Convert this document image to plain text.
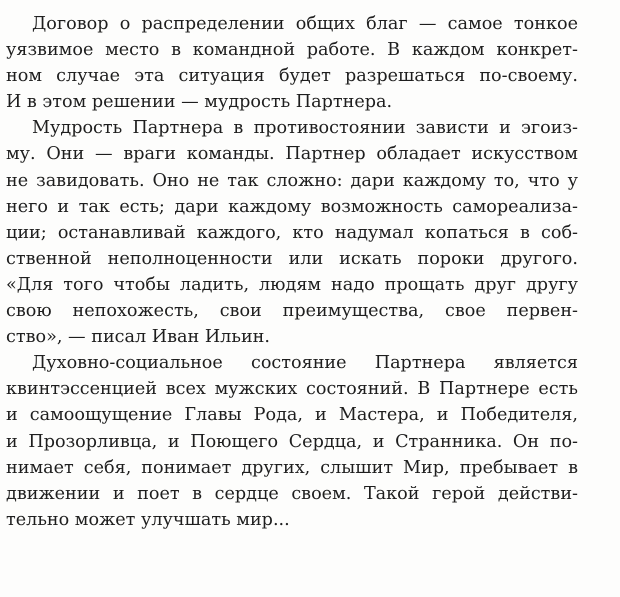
Договор о распределении общих благ — самое тонкое
уязвимое место в командной работе. В каждом конкрет-
ном случае эта ситуация будет разрешаться по-своему.
И в этом решении — мудрость Партнера.

Мудрость Партнера в противостоянии зависти и эгоиз-
му. Они — враги команды. Партнер обладает искусством
не завидовать. Оно не так сложно: дари каждому то, что у
него и так есть; дари каждому возможность самореализа-
ции; останавливай каждого, кто надумал копаться в соб-
ственной неполноценности или искать пороки другого.
«Для того чтобы ладить, людям надо прощать друг другу
свою непохожесть, свои преимущества, свое первен-
ство», — писал Иван Ильин.

Духовно-социальное состояние Партнера является
квинтэссенцией всех мужских состояний. В Партнере есть
и самоощущение Главы Рода, и Мастера, и Победителя,
и Прозорливца, и Поющего Сердца, и Странника. Он по-
нимает себя, понимает других, слышит Мир, пребывает в
движении и поет в сердце своем. Такой герой действи-
тельно может улучшать мир...
